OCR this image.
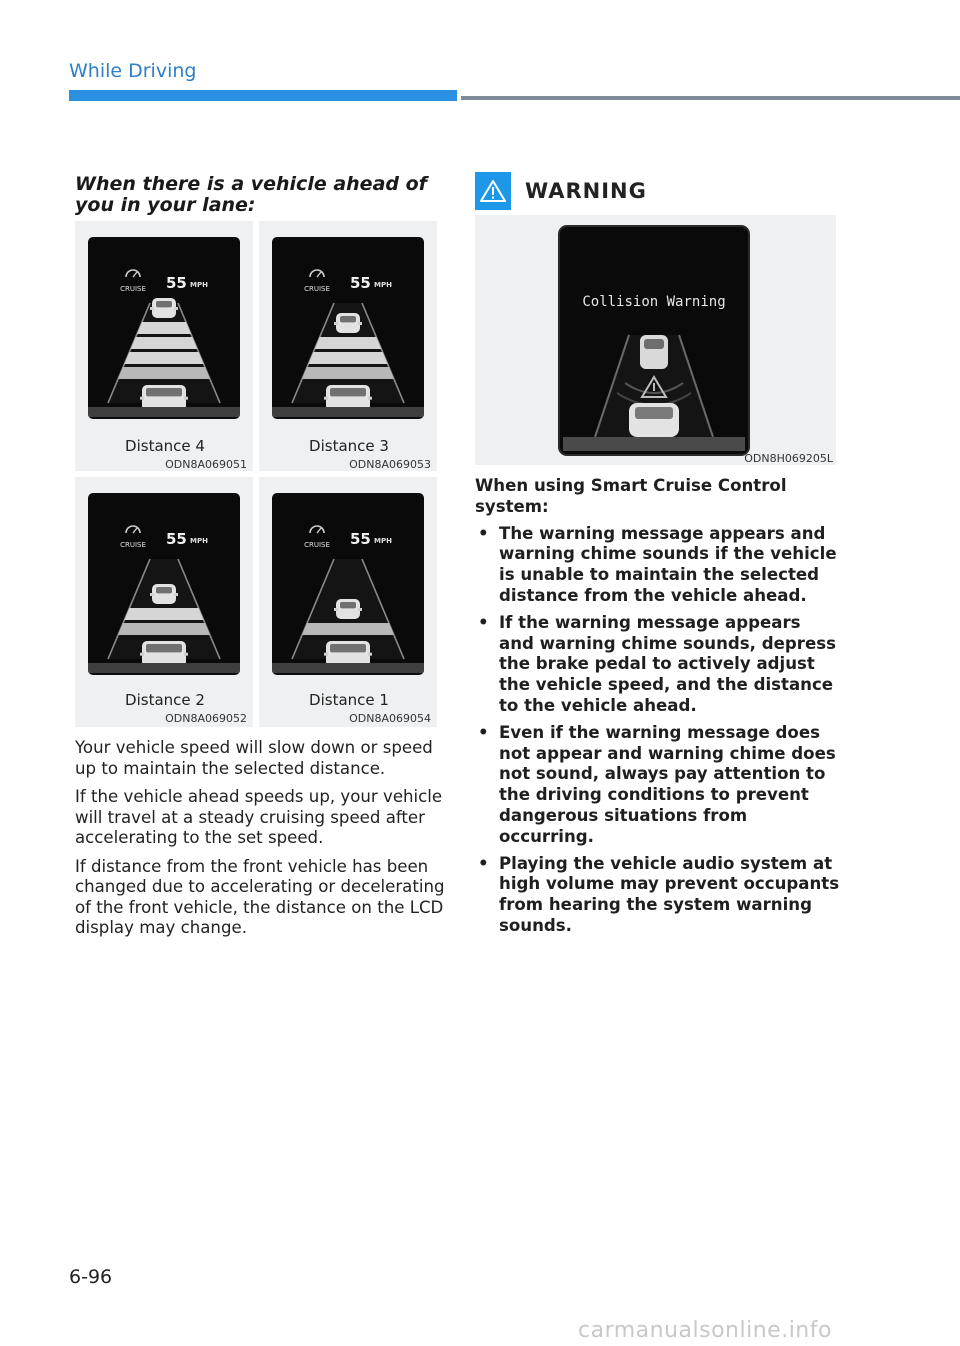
While Driving
When there is a vehicle ahead of you in your lane:
CRUISE 55 MPH
Distance 4
ODN8A069051
CRUISE 55 MPH
Distance 3
ODN8A069053
CRUISE 55 MPH
Distance 2
ODN8A069052
CRUISE 55 MPH
Distance 1
ODN8A069054

Your vehicle speed will slow down or speed up to maintain the selected distance.

If the vehicle ahead speeds up, your vehicle will travel at a steady cruising speed after accelerating to the set speed.

If distance from the front vehicle has been changed due to accelerating or decelerating of the front vehicle, the distance on the LCD display may change.

WARNING
Collision Warning
ODN8H069205L

When using Smart Cruise Control system:

• The warning message appears and warning chime sounds if the vehicle is unable to maintain the selected distance from the vehicle ahead.
• If the warning message appears and warning chime sounds, depress the brake pedal to actively adjust the vehicle speed, and the distance to the vehicle ahead.
• Even if the warning message does not appear and warning chime does not sound, always pay attention to the driving conditions to prevent dangerous situations from occurring.
• Playing the vehicle audio system at high volume may prevent occupants from hearing the system warning sounds.
6-96
carmanualsonline.info
